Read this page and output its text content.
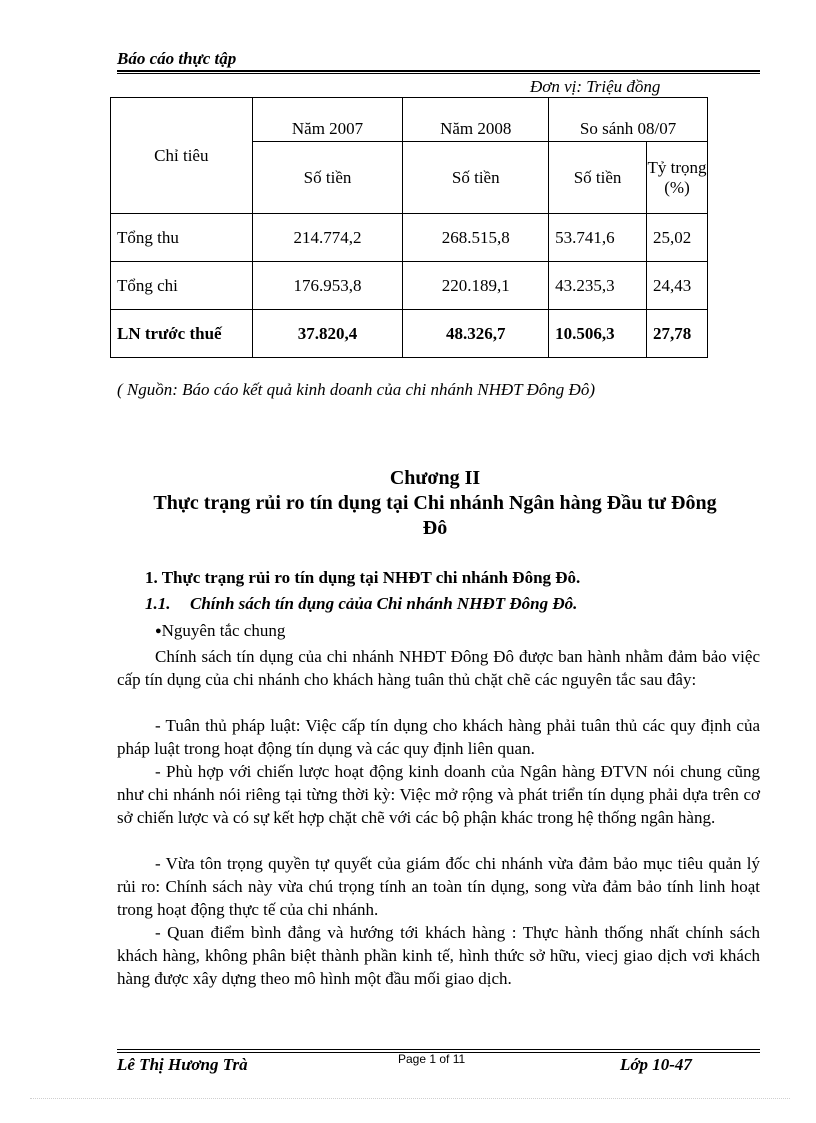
Báo cáo thực tập
Đơn vị: Triệu đồng
Chỉ tiêu	Năm 2007	Năm 2008	So sánh 08/07	
	Số tiền	Số tiền	Số tiền	Tỷ trọng (%)
Tổng thu	214.774,2	268.515,8	53.741,6	25,02
Tổng chi	176.953,8	220.189,1	43.235,3	24,43
LN trước thuế	37.820,4	48.326,7	10.506,3	27,78
( Nguồn: Báo cáo kết quả kinh doanh của chi nhánh NHĐT Đông Đô)
Chương II
Thực trạng rủi ro tín dụng tại Chi nhánh Ngân hàng Đầu tư Đông
Đô
1. Thực trạng rủi ro tín dụng tại NHĐT chi nhánh Đông Đô.
1.1. Chính sách tín dụng cảủa Chi nhánh NHĐT Đông Đô.
●Nguyên tắc chung
Chính sách tín dụng của chi nhánh NHĐT Đông Đô được ban hành nhằm đảm bảo việc cấp tín dụng của chi nhánh cho khách hàng tuân thủ chặt chẽ các nguyên tắc sau đây:
- Tuân thủ pháp luật: Việc cấp tín dụng cho khách hàng phải tuân thủ các quy định của pháp luật trong hoạt động tín dụng và các quy định liên quan.
- Phù hợp với chiến lược hoạt động kinh doanh của Ngân hàng ĐTVN nói chung cũng như chi nhánh nói riêng tại từng thời kỳ: Việc mở rộng và phát triển tín dụng phải dựa trên cơ sở chiến lược và có sự kết hợp chặt chẽ với các bộ phận khác trong hệ thống ngân hàng.
- Vừa tôn trọng quyền tự quyết của giám đốc chi nhánh vừa đảm bảo mục tiêu quản lý rủi ro: Chính sách này vừa chú trọng tính an toàn tín dụng, song vừa đảm bảo tính linh hoạt trong hoạt động thực tế của chi nhánh.
- Quan điểm bình đẳng và hướng tới khách hàng : Thực hành thống nhất chính sách khách hàng, không phân biệt thành phần kinh tế, hình thức sở hữu, viecj giao dịch vơi khách hàng được xây dựng theo mô hình một đầu mối giao dịch.
Lê Thị Hương Trà	Page 1 of 11	Lớp 10-47
